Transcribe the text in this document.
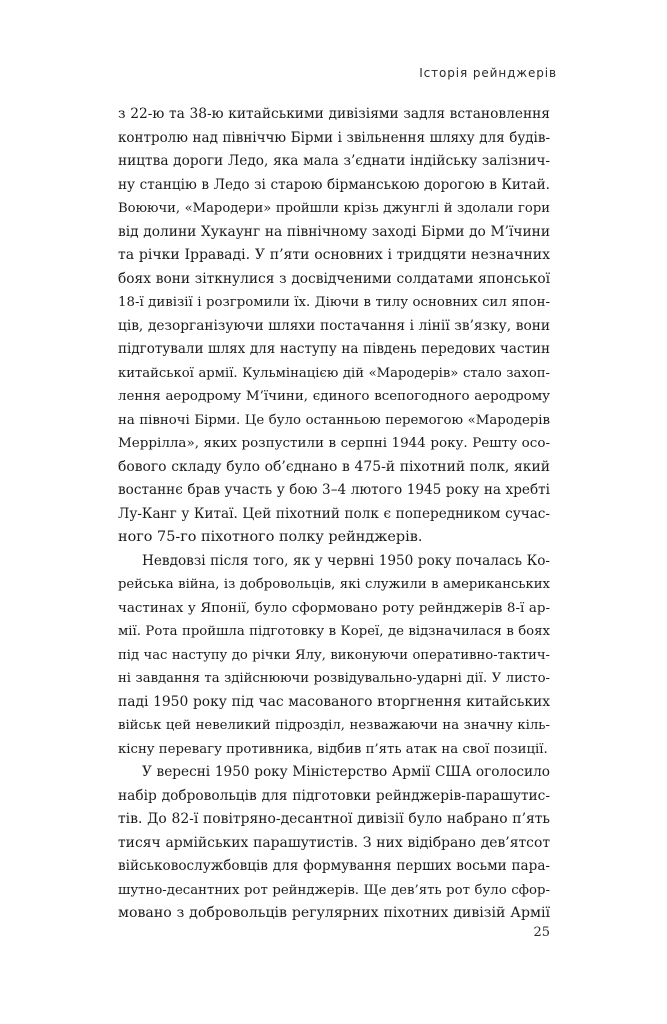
Історія рейнджерів
з 22-ю та 38-ю китайськими дивізіями задля встановлення
контролю над північчю Бірми і звільнення шляху для будів-
ництва дороги Ледо, яка мала з’єднати індійську залізнич-
ну станцію в Ледо зі старою бірманською дорогою в Китай.
Воюючи, «Мародери» пройшли крізь джунглі й здолали гори
від долини Хукаунг на північному заході Бірми до М’їчини
та річки Ірраваді. У п’яти основних і тридцяти незначних
боях вони зіткнулися з досвідченими солдатами японської
18-ї дивізії і розгромили їх. Діючи в тилу основних сил япон-
ців, дезорганізуючи шляхи постачання і лінії зв’язку, вони
підготували шлях для наступу на південь передових частин
китайської армії. Кульмінацією дій «Мародерів» стало захоп-
лення аеродрому М’їчини, єдиного всепогодного аеродрому
на півночі Бірми. Це було останньою перемогою «Мародерів
Меррілла», яких розпустили в серпні 1944 року. Решту осо-
бового складу було об’єднано в 475-й піхотний полк, який
востаннє брав участь у бою 3–4 лютого 1945 року на хребті
Лу-Канг у Китаї. Цей піхотний полк є попередником сучас-
ного 75-го піхотного полку рейнджерів.
Невдовзі після того, як у червні 1950 року почалась Ко-
рейська війна, із добровольців, які служили в американських
частинах у Японії, було сформовано роту рейнджерів 8-ї ар-
мії. Рота пройшла підготовку в Кореї, де відзначилася в боях
під час наступу до річки Ялу, виконуючи оперативно-тактич-
ні завдання та здійснюючи розвідувально-ударні дії. У листо-
паді 1950 року під час масованого вторгнення китайських
військ цей невеликий підрозділ, незважаючи на значну кіль-
кісну перевагу противника, відбив п’ять атак на свої позиції.
У вересні 1950 року Міністерство Армії США оголосило
набір добровольців для підготовки рейнджерів-парашутис-
тів. До 82-ї повітряно-десантної дивізії було набрано п’ять
тисяч армійських парашутистів. З них відібрано дев’ятсот
військовослужбовців для формування перших восьми пара-
шутно-десантних рот рейнджерів. Ще дев’ять рот було сфор-
мовано з добровольців регулярних піхотних дивізій Армії
25
